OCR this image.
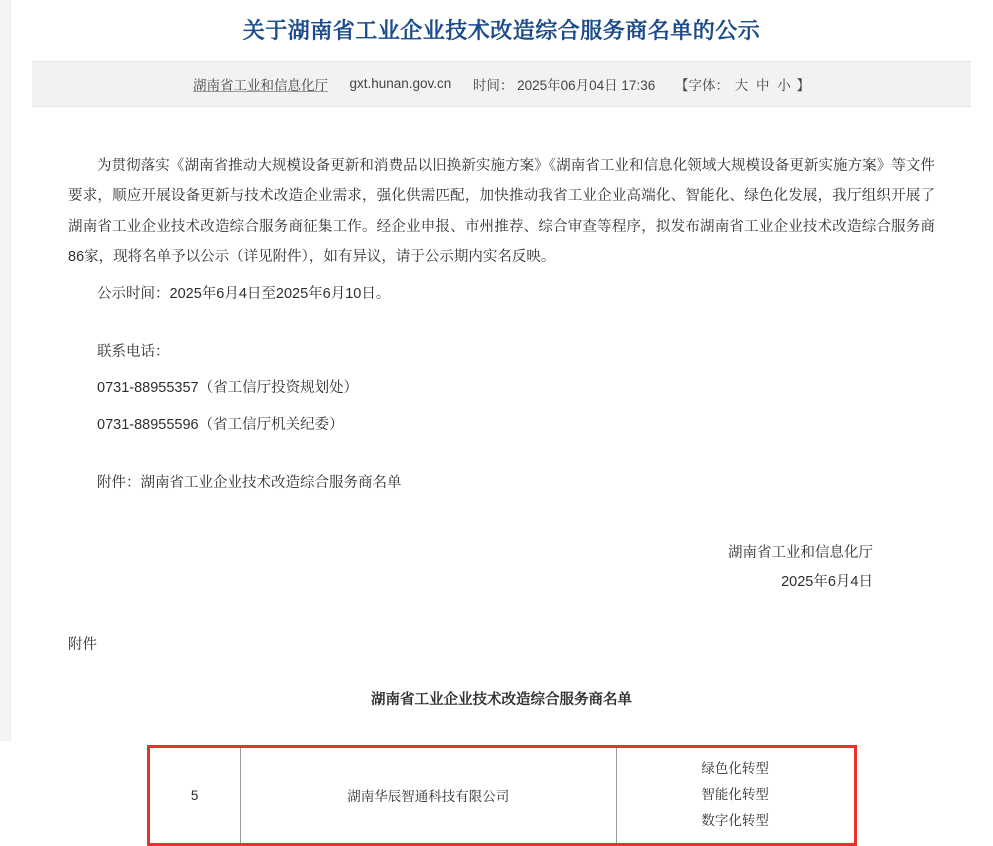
关于湖南省工业企业技术改造综合服务商名单的公示
湖南省工业和信息化厅 gxt.hunan.gov.cn 时间： 2025年06月04日 17:36 【字体： 大 中 小 】

为贯彻落实《湖南省推动大规模设备更新和消费品以旧换新实施方案》《湖南省工业和信息化领域大规模设备更新实施方案》等文件要求，顺应开展设备更新与技术改造企业需求，强化供需匹配，加快推动我省工业企业高端化、智能化、绿色化发展，我厅组织开展了湖南省工业企业技术改造综合服务商征集工作。经企业申报、市州推荐、综合审查等程序，拟发布湖南省工业企业技术改造综合服务商86家，现将名单予以公示（详见附件），如有异议，请于公示期内实名反映。

公示时间：2025年6月4日至2025年6月10日。

联系电话：

0731-88955357（省工信厅投资规划处）

0731-88955596（省工信厅机关纪委）

附件：湖南省工业企业技术改造综合服务商名单

湖南省工业和信息化厅
2025年6月4日
附件
湖南省工业企业技术改造综合服务商名单
5	湖南华辰智通科技有限公司	
绿色化转型
智能化转型
数字化转型
